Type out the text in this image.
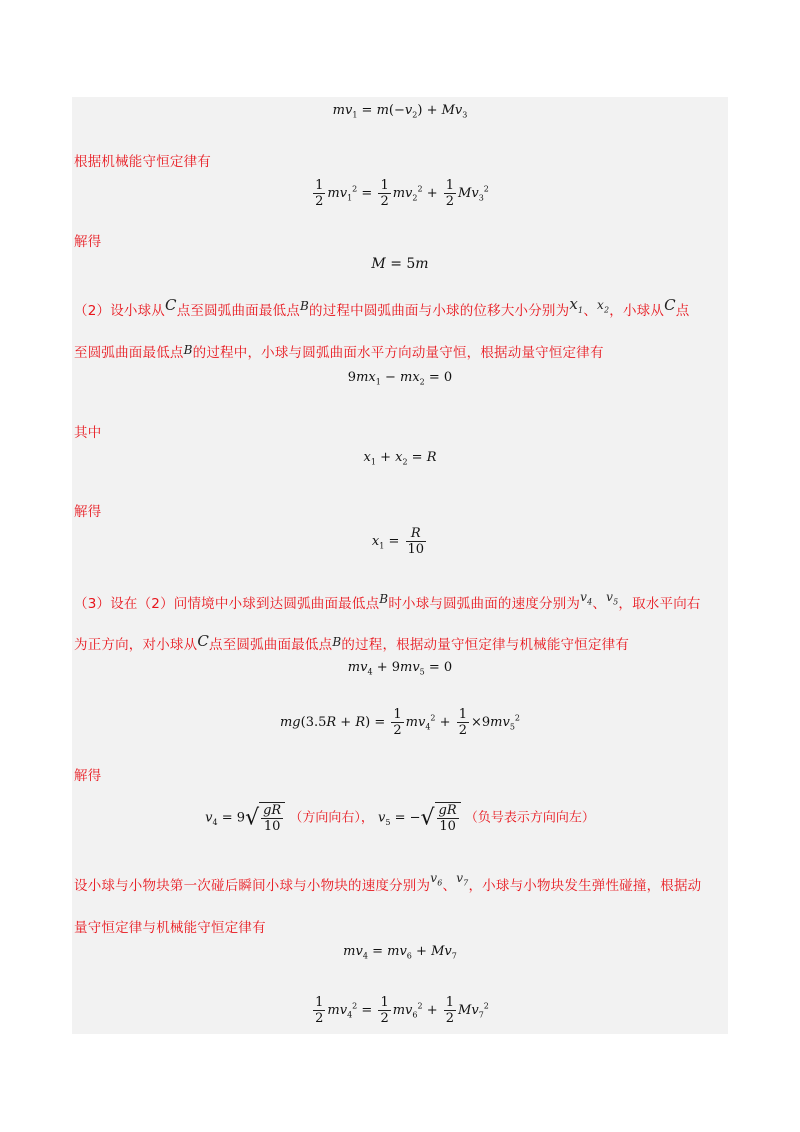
$mv_1 = m(-v_2) + Mv_3$
根据机械能守恒定律有
$\frac{1}{2} mv_1^2 = \frac{1}{2} mv_2^2 + \frac{1}{2} Mv_3^2$
解得
M = 5m
（2）设小球从C点至圆弧曲面最低点B的过程中圆弧曲面与小球的位移大小分别为$x_1$、$x_2$，小球从C点
至圆弧曲面最低点B的过程中，小球与圆弧曲面水平方向动量守恒，根据动量守恒定律有
$9mx_1 - mx_2 = 0$
其中
$x_1 + x_2 = R$
解得
$x_1 = \frac{R}{10}$
（3）设在（2）问情境中小球到达圆弧曲面最低点B时小球与圆弧曲面的速度分别为$v_4$、$v_5$，取水平向右
为正方向，对小球从C点至圆弧曲面最低点B的过程，根据动量守恒定律与机械能守恒定律有
$mv_4 + 9mv_5 = 0$
$mg(3.5R + R) = \frac{1}{2} mv_4^2 + \frac{1}{2} \times 9mv_5^2$
解得
$v_4 = 9√ \frac{gR}{10}$ （方向向右）， $v_5$ = −√ $\frac{gR}{10}$ （负号表示方向向左）
设小球与小物块第一次碰后瞬间小球与小物块的速度分别为$v_6$、$v_7$，小球与小物块发生弹性碰撞，根据动
量守恒定律与机械能守恒定律有
$mv_4 = mv_6 + Mv_7$
$\frac{1}{2} mv_4^2 = \frac{1}{2} mv_6^2 + \frac{1}{2} Mv_7^2$
